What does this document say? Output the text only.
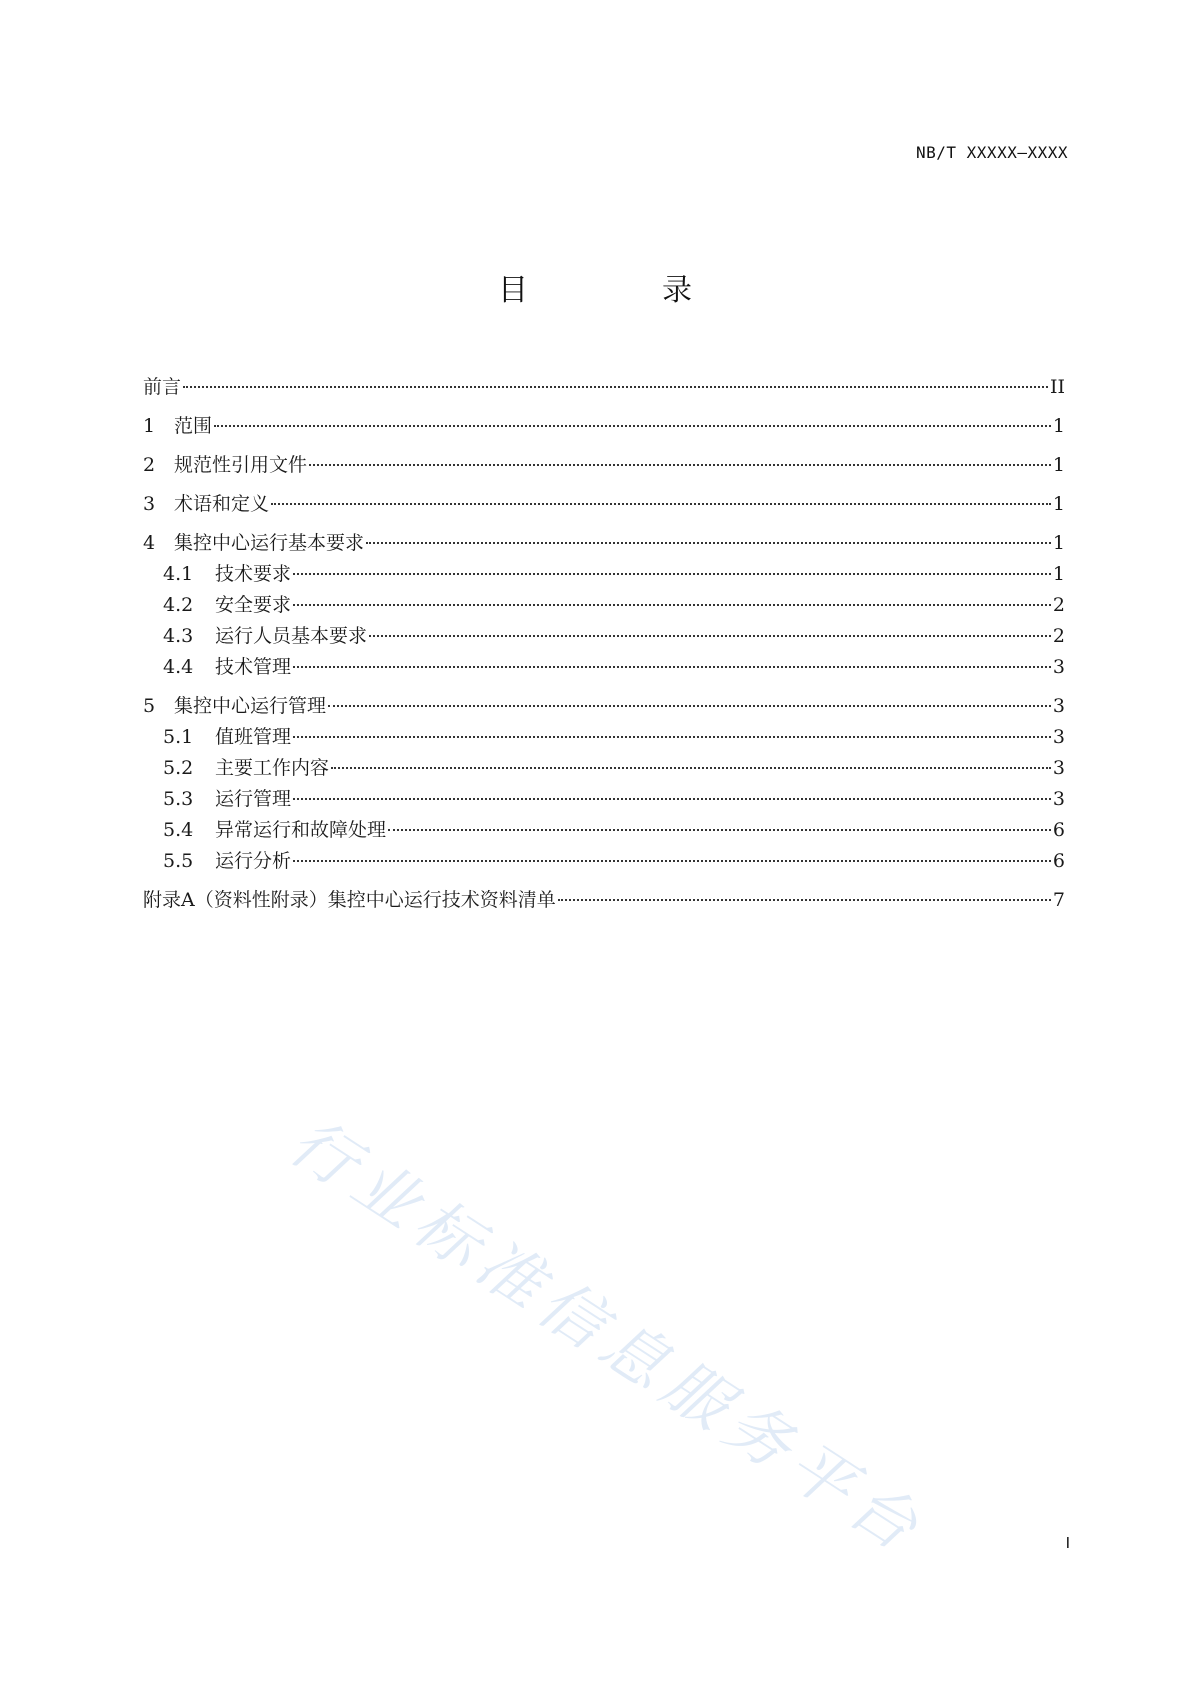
NB/T XXXXX—XXXX
目　录
前言	II
1 范围	1
2 规范性引用文件	1
3 术语和定义	1
4 集控中心运行基本要求	1
4.1	技术要求	1
4.2	安全要求	2
4.3	运行人员基本要求	2
4.4	技术管理	3
5 集控中心运行管理	3
5.1	值班管理	3
5.2	主要工作内容	3
5.3	运行管理	3
5.4	异常运行和故障处理	6
5.5	运行分析	6
附录A（资料性附录）集控中心运行技术资料清单	7
行业标准信息服务平台	I
